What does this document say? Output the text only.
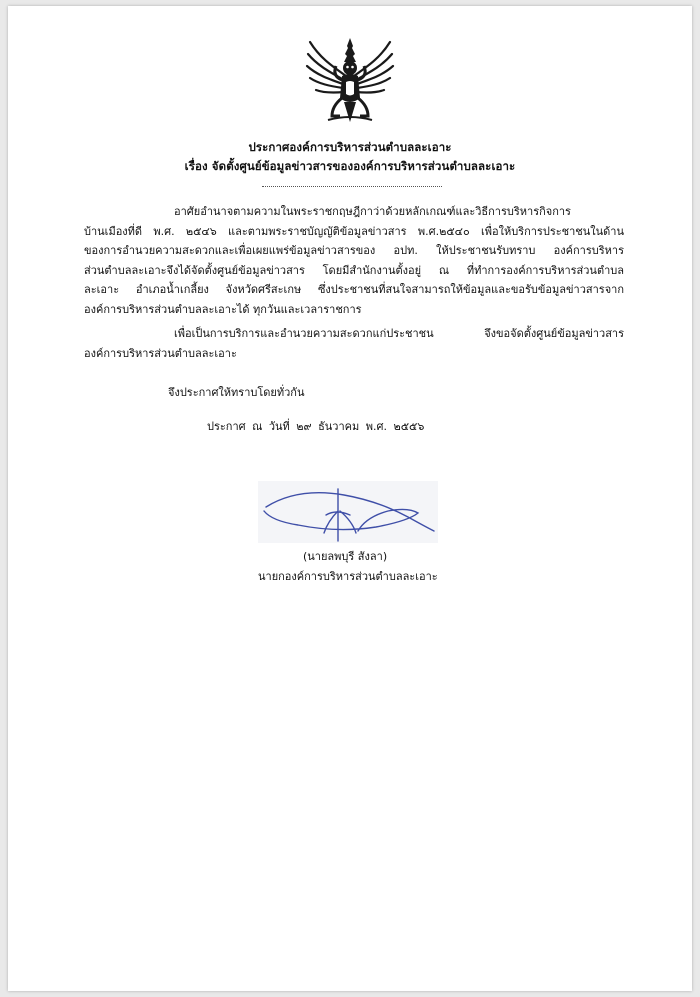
ประกาศองค์การบริหารส่วนตำบลละเอาะ
เรื่อง จัดตั้งศูนย์ข้อมูลข่าวสารขององค์การบริหารส่วนตำบลละเอาะ
อาศัยอำนาจตามความในพระราชกฤษฎีกาว่าด้วยหลักเกณฑ์และวิธีการบริหารกิจการ
บ้านเมืองที่ดี พ.ศ. ๒๕๔๖ และตามพระราชบัญญัติข้อมูลข่าวสาร พ.ศ.๒๕๔๐ เพื่อให้บริการประชาชนในด้าน
ของการอำนวยความสะดวกและเพื่อเผยแพร่ข้อมูลข่าวสารของ อปท. ให้ประชาชนรับทราบ องค์การบริหาร
ส่วนตำบลละเอาะจึงได้จัดตั้งศูนย์ข้อมูลข่าวสาร โดยมีสำนักงานตั้งอยู่ ณ ที่ทำการองค์การบริหารส่วนตำบล
ละเอาะ อำเภอน้ำเกลี้ยง จังหวัดศรีสะเกษ ซึ่งประชาชนที่สนใจสามารถให้ข้อมูลและขอรับข้อมูลข่าวสารจาก
องค์การบริหารส่วนตำบลละเอาะได้ ทุกวันและเวลาราชการ
เพื่อเป็นการบริการและอำนวยความสะดวกแก่ประชาชน จึงขอจัดตั้งศูนย์ข้อมูลข่าวสาร
องค์การบริหารส่วนตำบลละเอาะ
จึงประกาศให้ทราบโดยทั่วกัน
ประกาศ ณ วันที่ ๒๙ ธันวาคม พ.ศ. ๒๕๕๖
(นายลพบุรี สังลา)
นายกองค์การบริหารส่วนตำบลละเอาะ
